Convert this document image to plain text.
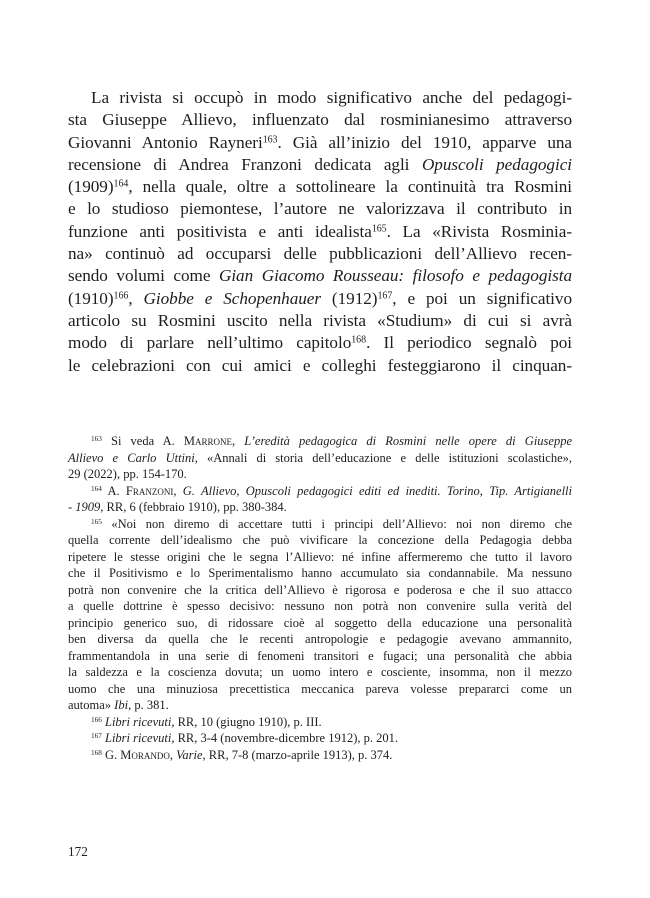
La rivista si occupò in modo significativo anche del pedagogi-
sta Giuseppe Allievo, influenzato dal rosminianesimo attraverso
Giovanni Antonio Rayneri$^{163}$. Già all’inizio del 1910, apparve una
recensione di Andrea Franzoni dedicata agli Opuscoli pedagogici
$(1909)^{164}$, nella quale, oltre a sottolineare la continuità tra Rosmini
e lo studioso piemontese, l’autore ne valorizzava il contributo in
funzione anti positivista e anti idealista$^{165}$. La «Rivista Rosminia-
na» continuò ad occuparsi delle pubblicazioni dell’Allievo recen-
sendo volumi come Gian Giacomo Rousseau: filosofo e pedagogista
$(1910)^{166}$, Giobbe e Schopenhauer $(1912)^{167}$, e poi un significativo
articolo su Rosmini uscito nella rivista «Studium» di cui si avrà
modo di parlare nell’ultimo capitolo$^{168}$. Il periodico segnalò poi
le celebrazioni con cui amici e colleghi festeggiarono il cinquan-
$^{163}$ Si veda A. Marrone, L’eredità pedagogica di Rosmini nelle opere di Giuseppe
Allievo e Carlo Uttini, «Annali di storia dell’educazione e delle istituzioni scolastiche»,
29 (2022), pp. 154-170.
$^{164}$ A. Franzoni, G. Allievo, Opuscoli pedagogici editi ed inediti. Torino, Tip. Artigianelli
- 1909, RR, 6 (febbraio 1910), pp. 380-384.
$^{165}$ «Noi non diremo di accettare tutti i principi dell’Allievo: noi non diremo che
quella corrente dell’idealismo che può vivificare la concezione della Pedagogia debba
ripetere le stesse origini che le segna l’Allievo: né infine affermeremo che tutto il lavoro
che il Positivismo e lo Sperimentalismo hanno accumulato sia condannabile. Ma nessuno
potrà non convenire che la critica dell’Allievo è rigorosa e poderosa e che il suo attacco
a quelle dottrine è spesso decisivo: nessuno non potrà non convenire sulla verità del
principio generico suo, di ridossare cioè al soggetto della educazione una personalità
ben diversa da quella che le recenti antropologie e pedagogie avevano ammannito,
frammentandola in una serie di fenomeni transitori e fugaci; una personalità che abbia
la saldezza e la coscienza dovuta; un uomo intero e cosciente, insomma, non il mezzo
uomo che una minuziosa precettistica meccanica pareva volesse prepararci come un
automa» Ibi, p. 381.
$^{166}$ Libri ricevuti, RR, 10 (giugno 1910), p. III.
$^{167}$ Libri ricevuti, RR, 3-4 (novembre-dicembre 1912), p. 201.
$^{168}$ G. Morando, Varie, RR, 7-8 (marzo-aprile 1913), p. 374.
172
